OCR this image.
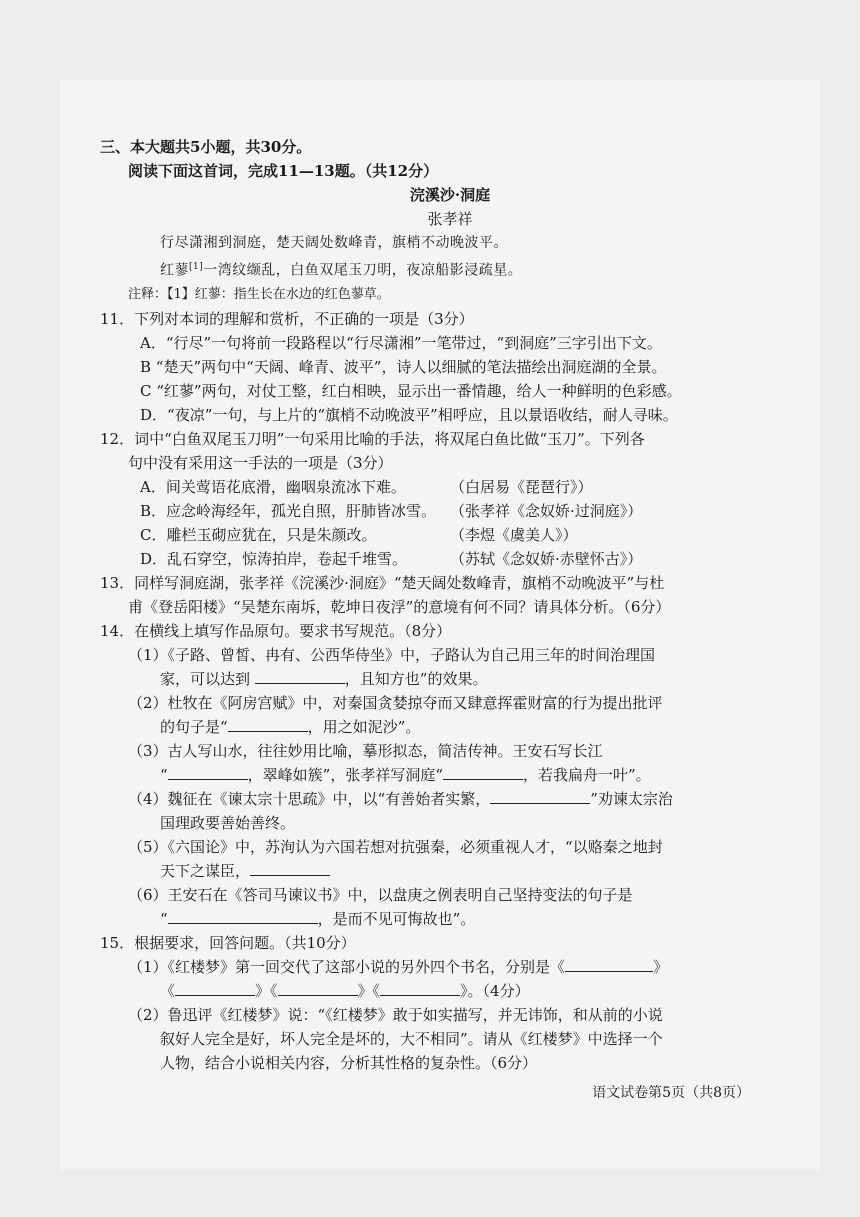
三、本大题共5小题，共30分。
阅读下面这首词，完成11—13题。（共12分）
浣溪沙·洞庭
张孝祥
行尽潇湘到洞庭，楚天阔处数峰青，旗梢不动晚波平。
红蓼[1]一湾纹缬乱，白鱼双尾玉刀明，夜凉船影浸疏星。
注释：【1】红蓼：指生长在水边的红色蓼草。
11．下列对本词的理解和赏析，不正确的一项是（3分）
A．“行尽”一句将前一段路程以“行尽潇湘”一笔带过，“到洞庭”三字引出下文。
B “楚天”两句中“天阔、峰青、波平”，诗人以细腻的笔法描绘出洞庭湖的全景。
C “红蓼”两句，对仗工整，红白相映，显示出一番情趣，给人一种鲜明的色彩感。
D．“夜凉”一句，与上片的“旗梢不动晚波平”相呼应，且以景语收结，耐人寻味。
12．词中“白鱼双尾玉刀明”一句采用比喻的手法，将双尾白鱼比做“玉刀”。下列各
句中没有采用这一手法的一项是（3分）
A．间关莺语花底滑，幽咽泉流冰下难。	（白居易《琵琶行》）
B．应念岭海经年，孤光自照，肝肺皆冰雪。 （张孝祥《念奴娇·过洞庭》）
C．雕栏玉砌应犹在，只是朱颜改。	（李煜《虞美人》）
D．乱石穿空，惊涛拍岸，卷起千堆雪。	（苏轼《念奴娇·赤壁怀古》）
13．同样写洞庭湖，张孝祥《浣溪沙·洞庭》“楚天阔处数峰青，旗梢不动晚波平”与杜
甫《登岳阳楼》“吴楚东南坼，乾坤日夜浮”的意境有何不同？请具体分析。（6分）
14．在横线上填写作品原句。要求书写规范。（8分）
（1）《子路、曾皙、冉有、公西华侍坐》中，子路认为自己用三年的时间治理国
家，可以达到	，且知方也”的效果。
（2）杜牧在《阿房宫赋》中，对秦国贪婪掠夺而又肆意挥霍财富的行为提出批评
的句子是“	，用之如泥沙”。
（3）古人写山水，往往妙用比喻，摹形拟态，简洁传神。王安石写长江
“	，翠峰如簇”，张孝祥写洞庭“	，若我扁舟一叶”。
（4）魏征在《谏太宗十思疏》中，以“有善始者实繁，	”劝谏太宗治
国理政要善始善终。
（5）《六国论》中，苏洵认为六国若想对抗强秦，必须重视人才，“以赂秦之地封
天下之谋臣，
（6）王安石在《答司马谏议书》中，以盘庚之例表明自己坚持变法的句子是
“	，是而不见可悔故也”。
15．根据要求，回答问题。（共10分）
（1）《红楼梦》第一回交代了这部小说的另外四个书名，分别是《	》
《	》《	》《	》。（4分）
（2）鲁迅评《红楼梦》说：“《红楼梦》敢于如实描写，并无讳饰，和从前的小说
叙好人完全是好，坏人完全是坏的，大不相同”。请从《红楼梦》中选择一个
人物，结合小说相关内容，分析其性格的复杂性。（6分）
语文试卷第5页（共8页）
